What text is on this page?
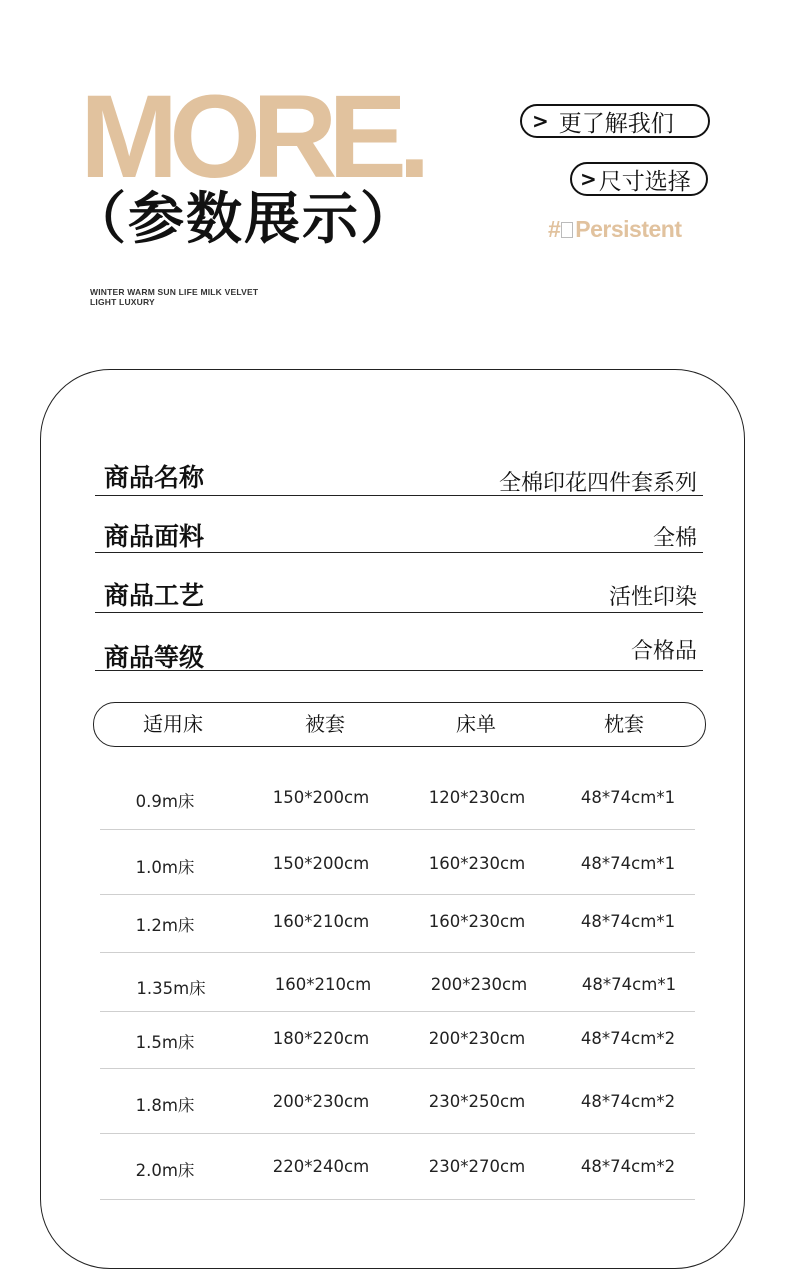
MORE.
（参数展示）
WINTER WARM SUN LIFE MILK VELVET
LIGHT LUXURY
> 更了解我们
> 尺寸选择
# Persistent
商品名称	全棉印花四件套系列
商品面料	全棉
商品工艺	活性印染
商品等级	合格品
适用床	被套	床单	枕套
0.9m床	150*200cm	120*230cm	48*74cm*1
1.0m床	150*200cm	160*230cm	48*74cm*1
1.2m床	160*210cm	160*230cm	48*74cm*1
1.35m床	160*210cm	200*230cm	48*74cm*1
1.5m床	180*220cm	200*230cm	48*74cm*2
1.8m床	200*230cm	230*250cm	48*74cm*2
2.0m床	220*240cm	230*270cm	48*74cm*2
